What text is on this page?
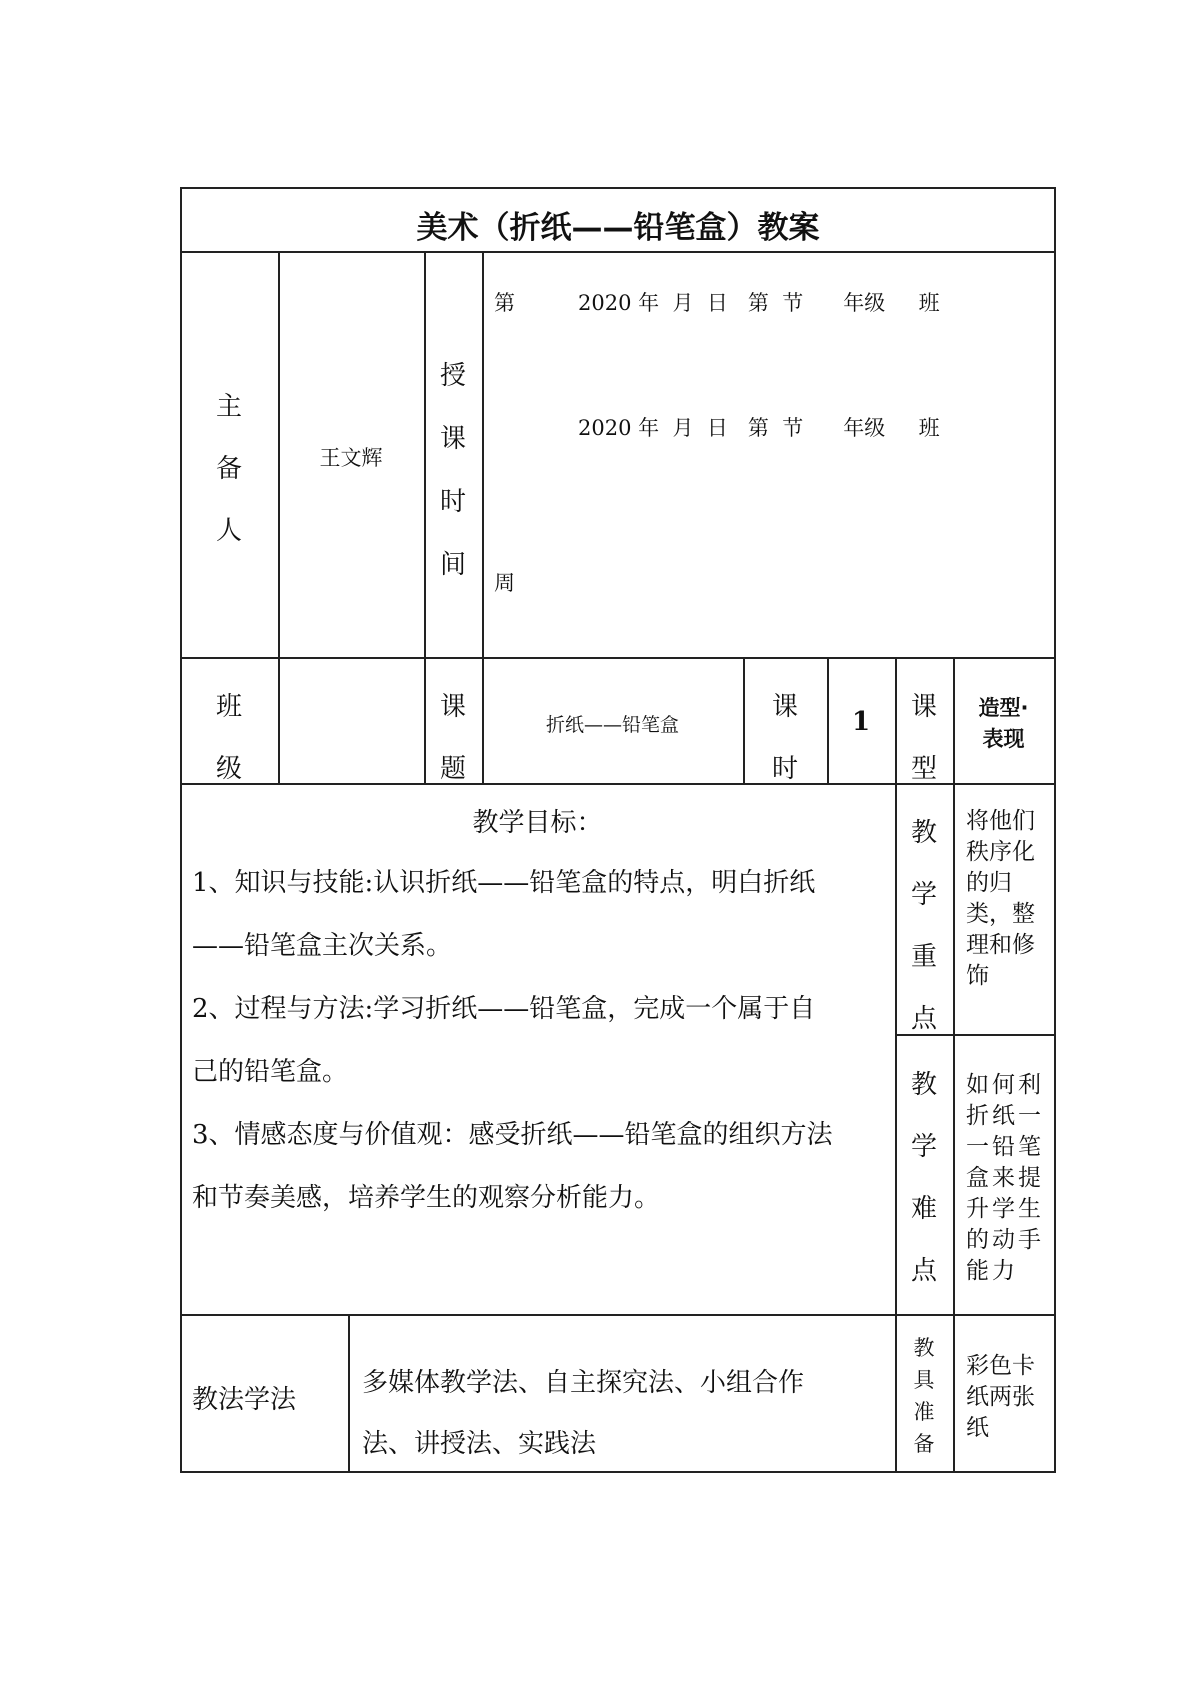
美术（折纸——铅笔盒）教案
主
备
人
王文辉
授
课
时
间
第	2020 年  月  日   第  节      年级     班
2020 年  月  日   第  节      年级     班
周
班
级
课
题
折纸——铅笔盒
课
时
1	课
型
造型·
表现
教学目标：
1、知识与技能:认识折纸——铅笔盒的特点，明白折纸
——铅笔盒主次关系。
2、过程与方法:学习折纸——铅笔盒，完成一个属于自
己的铅笔盒。
3、情感态度与价值观：感受折纸——铅笔盒的组织方法
和节奏美感，培养学生的观察分析能力。
教
学
重
点
将他们
秩序化
的归
类，整
理和修
饰
教
学
难
点
如何利
折纸一
一铅笔
盒来提
升学生
的动手
能力
教法学法
多媒体教学法、自主探究法、小组合作
法、讲授法、实践法
教
具
准
备
彩色卡
纸两张
纸
